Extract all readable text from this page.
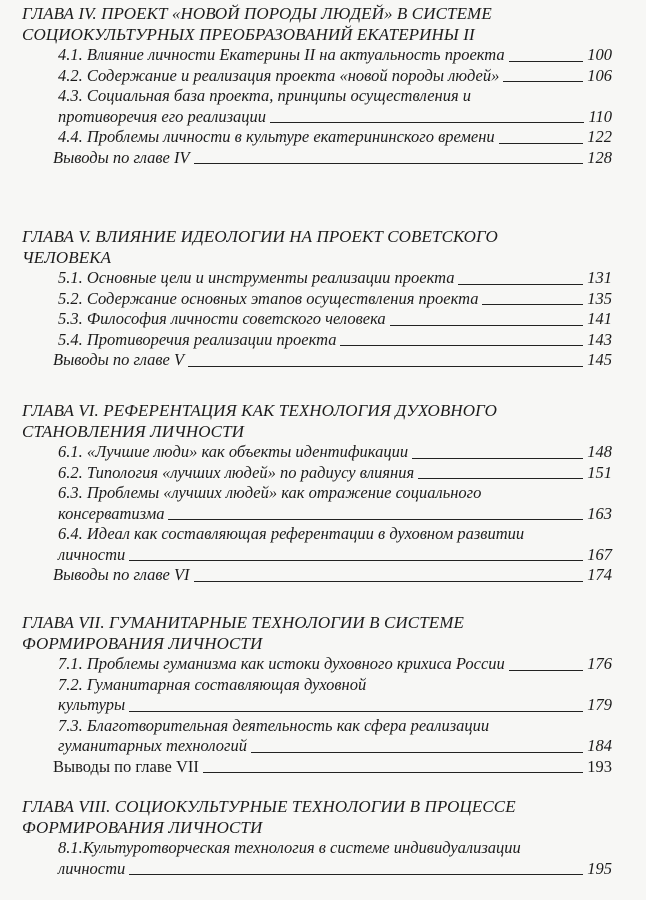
ГЛАВА IV. ПРОЕКТ «НОВОЙ ПОРОДЫ ЛЮДЕЙ» В СИСТЕМЕ СОЦИОКУЛЬТУРНЫХ ПРЕОБРАЗОВАНИЙ ЕКАТЕРИНЫ II
4.1. Влияние личности Екатерины II на актуальность проекта	100
4.2. Содержание и реализация проекта «новой породы людей»	106
4.3. Социальная база проекта, принципы осуществления и
противоречия его реализации	110
4.4. Проблемы личности в культуре екатерининского времени	122
Выводы по главе IV	128
ГЛАВА V. ВЛИЯНИЕ ИДЕОЛОГИИ НА ПРОЕКТ СОВЕТСКОГО ЧЕЛОВЕКА
5.1. Основные цели и инструменты реализации проекта	131
5.2. Содержание основных этапов осуществления проекта	135
5.3. Философия личности советского человека	141
5.4. Противоречия реализации проекта	143
Выводы по главе V	145
ГЛАВА VI. РЕФЕРЕНТАЦИЯ КАК ТЕХНОЛОГИЯ ДУХОВНОГО СТАНОВЛЕНИЯ ЛИЧНОСТИ
6.1. «Лучшие люди» как объекты идентификации	148
6.2. Типология «лучших людей» по радиусу влияния	151
6.3. Проблемы «лучших людей» как отражение социального
консерватизма	163
6.4. Идеал как составляющая референтации в духовном развитии
личности	167
Выводы по главе VI	174
ГЛАВА VII. ГУМАНИТАРНЫЕ ТЕХНОЛОГИИ В СИСТЕМЕ ФОРМИРОВАНИЯ ЛИЧНОСТИ
7.1. Проблемы гуманизма как истоки духовного крихиса России	176
7.2. Гуманитарная составляющая духовной
культуры	179
7.3. Благотворительная деятельность как сфера реализации
гуманитарных технологий	184
Выводы по главе VII	193
ГЛАВА VIII. СОЦИОКУЛЬТУРНЫЕ ТЕХНОЛОГИИ В ПРОЦЕССЕ ФОРМИРОВАНИЯ ЛИЧНОСТИ
8.1.Культуротворческая технология в системе индивидуализации
личности	195
